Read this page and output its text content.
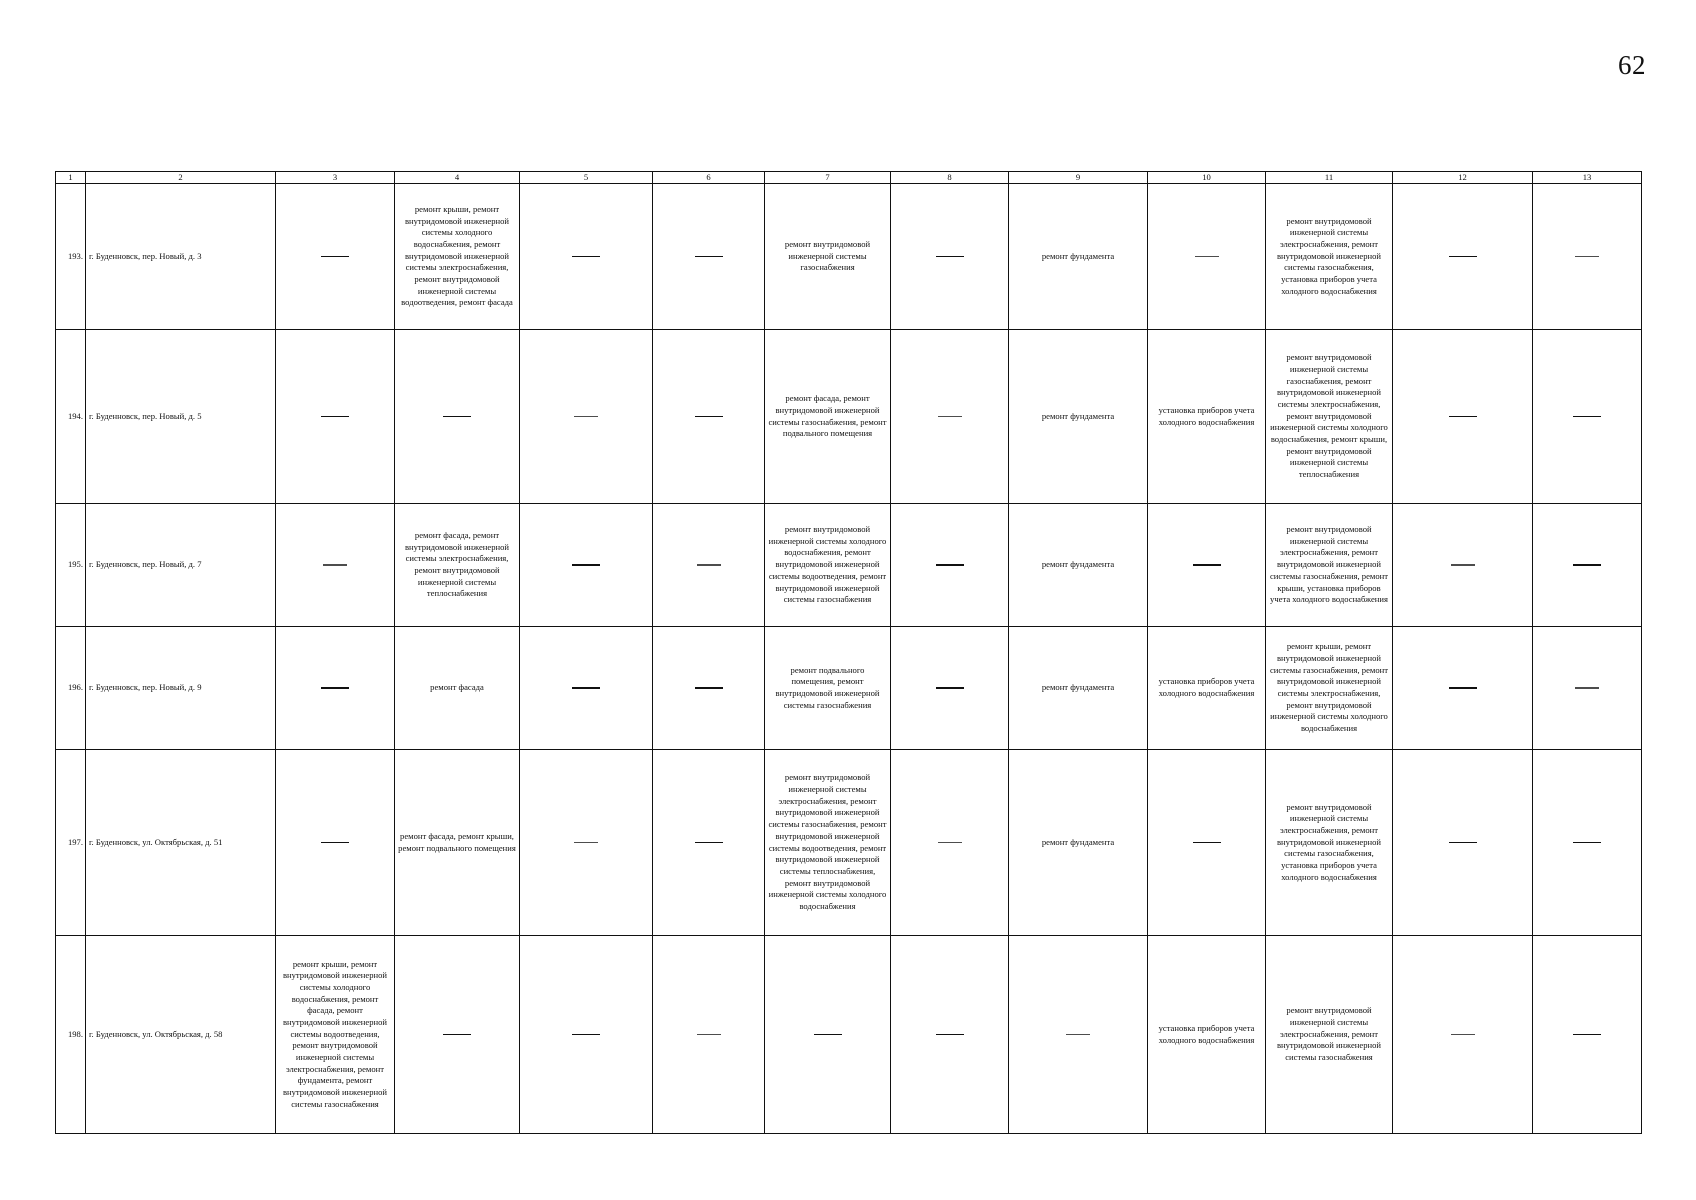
62
1	2	3	4	5	6	7	8	9	10	11	12	13
193.	г. Буденновск, пер. Новый, д. 3		ремонт крыши, ремонт внутридомовой инженерной системы холодного водоснабжения, ремонт внутридомовой инженерной системы электроснабжения, ремонт внутридомовой инженерной системы водоотведения, ремонт фасада			ремонт внутридомовой инженерной системы газоснабжения		ремонт фундамента		ремонт внутридомовой инженерной системы электроснабжения, ремонт внутридомовой инженерной системы газоснабжения, установка приборов учета холодного водоснабжения		
194.	г. Буденновск, пер. Новый, д. 5					ремонт фасада, ремонт внутридомовой инженерной системы газоснабжения, ремонт подвального помещения		ремонт фундамента	установка приборов учета холодного водоснабжения	ремонт внутридомовой инженерной системы газоснабжения, ремонт внутридомовой инженерной системы электроснабжения, ремонт внутридомовой инженерной системы холодного водоснабжения, ремонт крыши, ремонт внутридомовой инженерной системы теплоснабжения		
195.	г. Буденновск, пер. Новый, д. 7		ремонт фасада, ремонт внутридомовой инженерной системы электроснабжения, ремонт внутридомовой инженерной системы теплоснабжения			ремонт внутридомовой инженерной системы холодного водоснабжения, ремонт внутридомовой инженерной системы водоотведения, ремонт внутридомовой инженерной системы газоснабжения		ремонт фундамента		ремонт внутридомовой инженерной системы электроснабжения, ремонт внутридомовой инженерной системы газоснабжения, ремонт крыши, установка приборов учета холодного водоснабжения		
196.	г. Буденновск, пер. Новый, д. 9		ремонт фасада			ремонт подвального помещения, ремонт внутридомовой инженерной системы газоснабжения		ремонт фундамента	установка приборов учета холодного водоснабжения	ремонт крыши, ремонт внутридомовой инженерной системы газоснабжения, ремонт внутридомовой инженерной системы электроснабжения, ремонт внутридомовой инженерной системы холодного водоснабжения		
197.	г. Буденновск, ул. Октябрьская, д. 51		ремонт фасада, ремонт крыши, ремонт подвального помещения			ремонт внутридомовой инженерной системы электроснабжения, ремонт внутридомовой инженерной системы газоснабжения, ремонт внутридомовой инженерной системы водоотведения, ремонт внутридомовой инженерной системы теплоснабжения, ремонт внутридомовой инженерной системы холодного водоснабжения		ремонт фундамента		ремонт внутридомовой инженерной системы электроснабжения, ремонт внутридомовой инженерной системы газоснабжения, установка приборов учета холодного водоснабжения		
198.	г. Буденновск, ул. Октябрьская, д. 58	ремонт крыши, ремонт внутридомовой инженерной системы холодного водоснабжения, ремонт фасада, ремонт внутридомовой инженерной системы водоотведения, ремонт внутридомовой инженерной системы электроснабжения, ремонт фундамента, ремонт внутридомовой инженерной системы газоснабжения							установка приборов учета холодного водоснабжения	ремонт внутридомовой инженерной системы электроснабжения, ремонт внутридомовой инженерной системы газоснабжения		
